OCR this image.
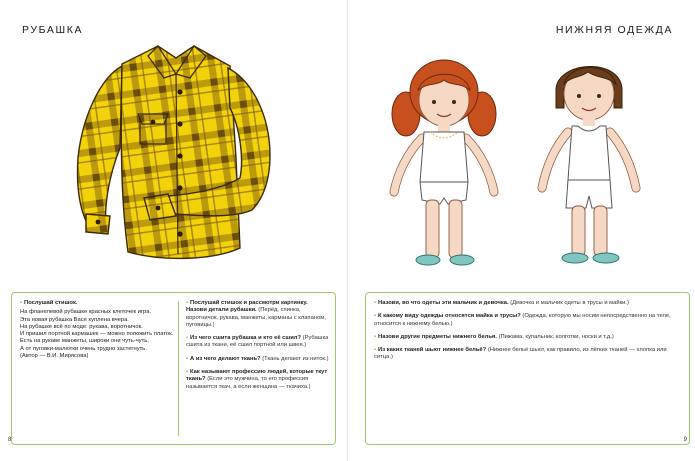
РУБАШКА
• Послушай стишок.
На фланелевой рубашке красных клеточек игра.
Эта новая рубашка Васе куплена вчера.
На рубашке всё по моде: рукава, воротничок.
И пришил портной кармашек — можно положить платок.
Есть на рукаве манжеты, широки они чуть-чуть,
А от пуговки-малютки очень трудно застегнуть.
(Автор — В.И. Мирясова)
• Послушай стишок и рассмотри картинку. Назови детали рубашки. (Перёд, спинка, воротничок, рукава, манжеты, карманы с клапаном, пуговицы.)
• Из чего сшита рубашка и кто её сшил? (Рубашка сшита из ткани, её сшил портной или швея.)
• А из чего делают ткань? (Ткань делают из ниток.)
• Как называют профессию людей, которые ткут ткань? (Если это мужчина, то его профессия называется ткач, а если женщина — ткачиха.)
8
НИЖНЯЯ ОДЕЖДА
• Назови, во что одеты эти мальчик и девочка. (Девочка и мальчик одеты в трусы и майки.)
• К какому виду одежды относятся майка и трусы? (Одежда, которую мы носим непосредственно на теле, относится к нижнему белью.)
• Назови другие предметы нижнего белья. (Пижама, купальник, колготки, носки и т.д.)
• Из каких тканей шьют нижнее бельё? (Нижнее бельё шьют, как правило, из лёгких тканей — хлопка или ситца.)
9
